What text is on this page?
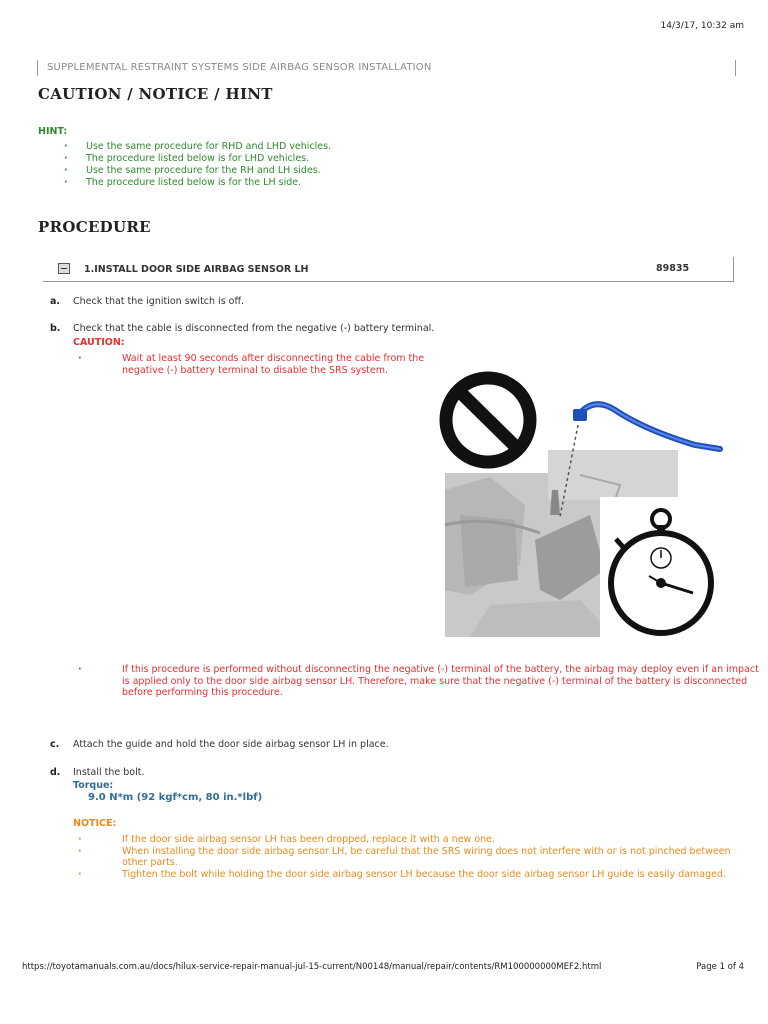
14/3/17, 10:32 am
SUPPLEMENTAL RESTRAINT SYSTEMS SIDE AIRBAG SENSOR INSTALLATION
CAUTION / NOTICE / HINT
HINT:
· Use the same procedure for RHD and LHD vehicles.
· The procedure listed below is for LHD vehicles.
· Use the same procedure for the RH and LH sides.
· The procedure listed below is for the LH side.
PROCEDURE
1.INSTALL DOOR SIDE AIRBAG SENSOR LH	89835
a. Check that the ignition switch is off.
b. Check that the cable is disconnected from the negative (-) battery terminal.
CAUTION:
· Wait at least 90 seconds after disconnecting the cable from the negative (-) battery terminal to disable the SRS system.
· If this procedure is performed without disconnecting the negative (-) terminal of the battery, the airbag may deploy even if an impact is applied only to the door side airbag sensor LH. Therefore, make sure that the negative (-) terminal of the battery is disconnected before performing this procedure.
c. Attach the guide and hold the door side airbag sensor LH in place.
d. Install the bolt.
Torque:
9.0 N*m (92 kgf*cm, 80 in.*lbf)
NOTICE:
· If the door side airbag sensor LH has been dropped, replace it with a new one.
· When installing the door side airbag sensor LH, be careful that the SRS wiring does not interfere with or is not pinched between other parts.
· Tighten the bolt while holding the door side airbag sensor LH because the door side airbag sensor LH guide is easily damaged.
https://toyotamanuals.com.au/docs/hilux-service-repair-manual-jul-15-current/N00148/manual/repair/contents/RM100000000MEF2.html	Page 1 of 4
